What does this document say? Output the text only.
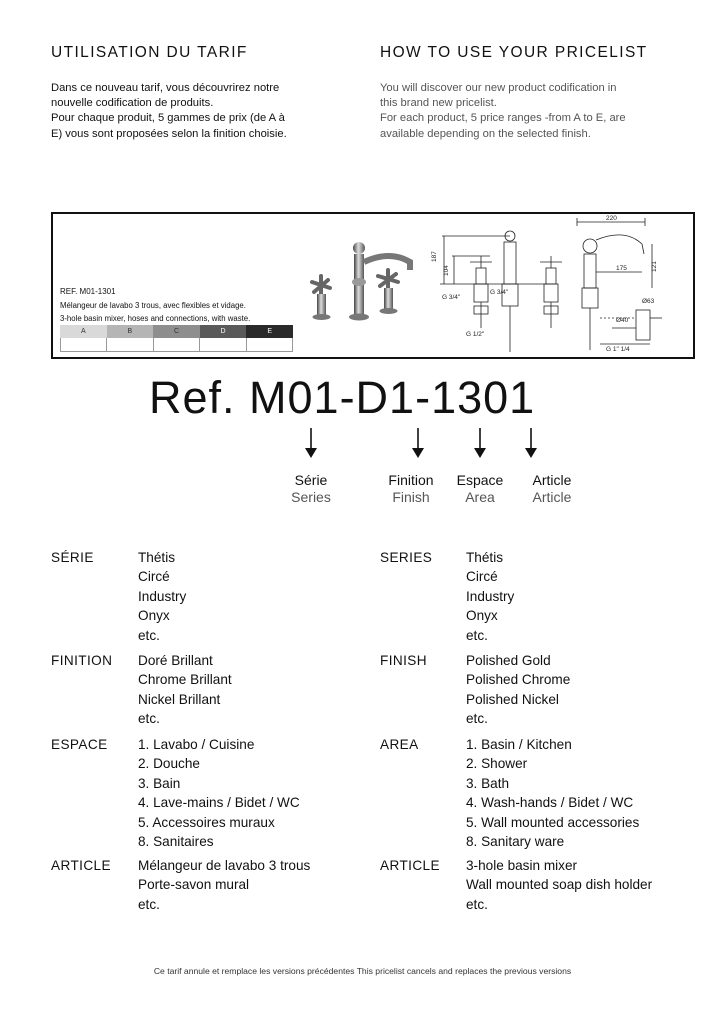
UTILISATION DU TARIF	HOW TO USE YOUR PRICELIST
Dans ce nouveau tarif, vous découvrirez notre
nouvelle codification de produits.
Pour chaque produit, 5 gammes de prix (de A à
E) vous sont proposées selon la finition choisie.
You will discover our new product codification in
this brand new pricelist.
For each product, 5 price ranges -from A to E, are
available depending on the selected finish.
REF. M01-1301
Mélangeur de lavabo 3 trous, avec flexibles et vidage.
3-hole basin mixer, hoses and connections, with waste.
A	B	C	D	E
187
104
G 3/4"
G 3/4"
G 1/2"
220
175	121
Ø63
Ø40
G 1" 1/4
Ref. M01-D1-1301
Série
Series
Finition
Finish
Espace
Area
Article
Article
SÉRIE	Thétis
Circé
Industry
Onyx
etc.
FINITION Doré Brillant
Chrome Brillant
Nickel Brillant
etc.
ESPACE 1. Lavabo / Cuisine
2. Douche
3. Bain
4. Lave-mains / Bidet / WC
5. Accessoires muraux
8. Sanitaires
ARTICLE Mélangeur de lavabo 3 trous
Porte-savon mural
etc.
SERIES Thétis
Circé
Industry
Onyx
etc.
FINISH	Polished Gold
Polished Chrome
Polished Nickel
etc.
AREA	1. Basin / Kitchen
2. Shower
3. Bath
4. Wash-hands / Bidet / WC
5. Wall mounted accessories
8. Sanitary ware
ARTICLE 3-hole basin mixer
Wall mounted soap dish holder
etc.
Ce tarif annule et remplace les versions précédentes This pricelist cancels and replaces the previous versions
